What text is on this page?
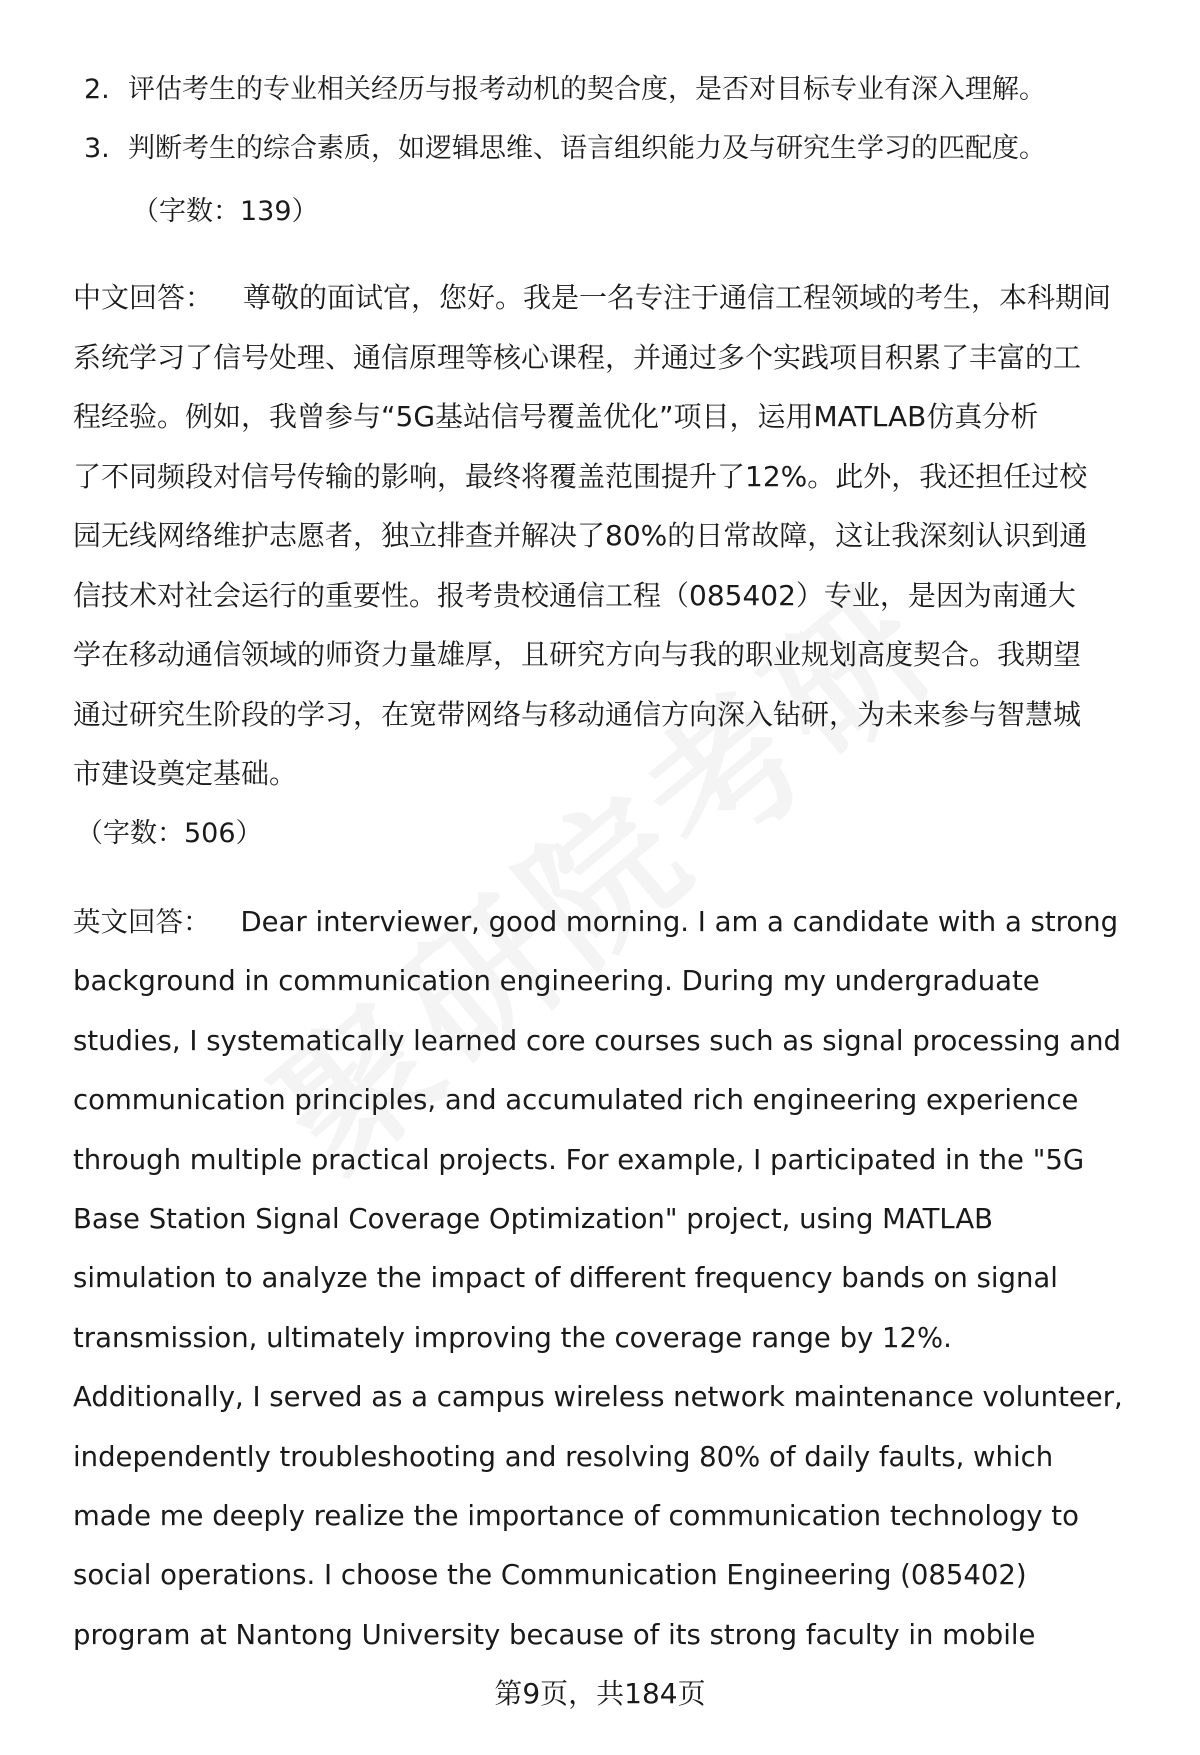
2. 评估考生的专业相关经历与报考动机的契合度，是否对目标专业有深入理解。
3. 判断考生的综合素质，如逻辑思维、语言组织能力及与研究生学习的匹配度。
（字数：139）
中文回答： 尊敬的面试官，您好。我是一名专注于通信工程领域的考生，本科期间
系统学习了信号处理、通信原理等核心课程，并通过多个实践项目积累了丰富的工
程经验。例如，我曾参与“5G基站信号覆盖优化”项目，运用MATLAB仿真分析
了不同频段对信号传输的影响，最终将覆盖范围提升了12%。此外，我还担任过校
园无线网络维护志愿者，独立排查并解决了80%的日常故障，这让我深刻认识到通
信技术对社会运行的重要性。报考贵校通信工程（085402）专业，是因为南通大
学在移动通信领域的师资力量雄厚，且研究方向与我的职业规划高度契合。我期望
通过研究生阶段的学习，在宽带网络与移动通信方向深入钻研，为未来参与智慧城
市建设奠定基础。
（字数：506）
英文回答： Dear interviewer, good morning. I am a candidate with a strong
background in communication engineering. During my undergraduate
studies, I systematically learned core courses such as signal processing and
communication principles, and accumulated rich engineering experience
through multiple practical projects. For example, I participated in the "5G
Base Station Signal Coverage Optimization" project, using MATLAB
simulation to analyze the impact of different frequency bands on signal
transmission, ultimately improving the coverage range by 12%.
Additionally, I served as a campus wireless network maintenance volunteer,
independently troubleshooting and resolving 80% of daily faults, which
made me deeply realize the importance of communication technology to
social operations. I choose the Communication Engineering (085402)
program at Nantong University because of its strong faculty in mobile
第9页，共184页
